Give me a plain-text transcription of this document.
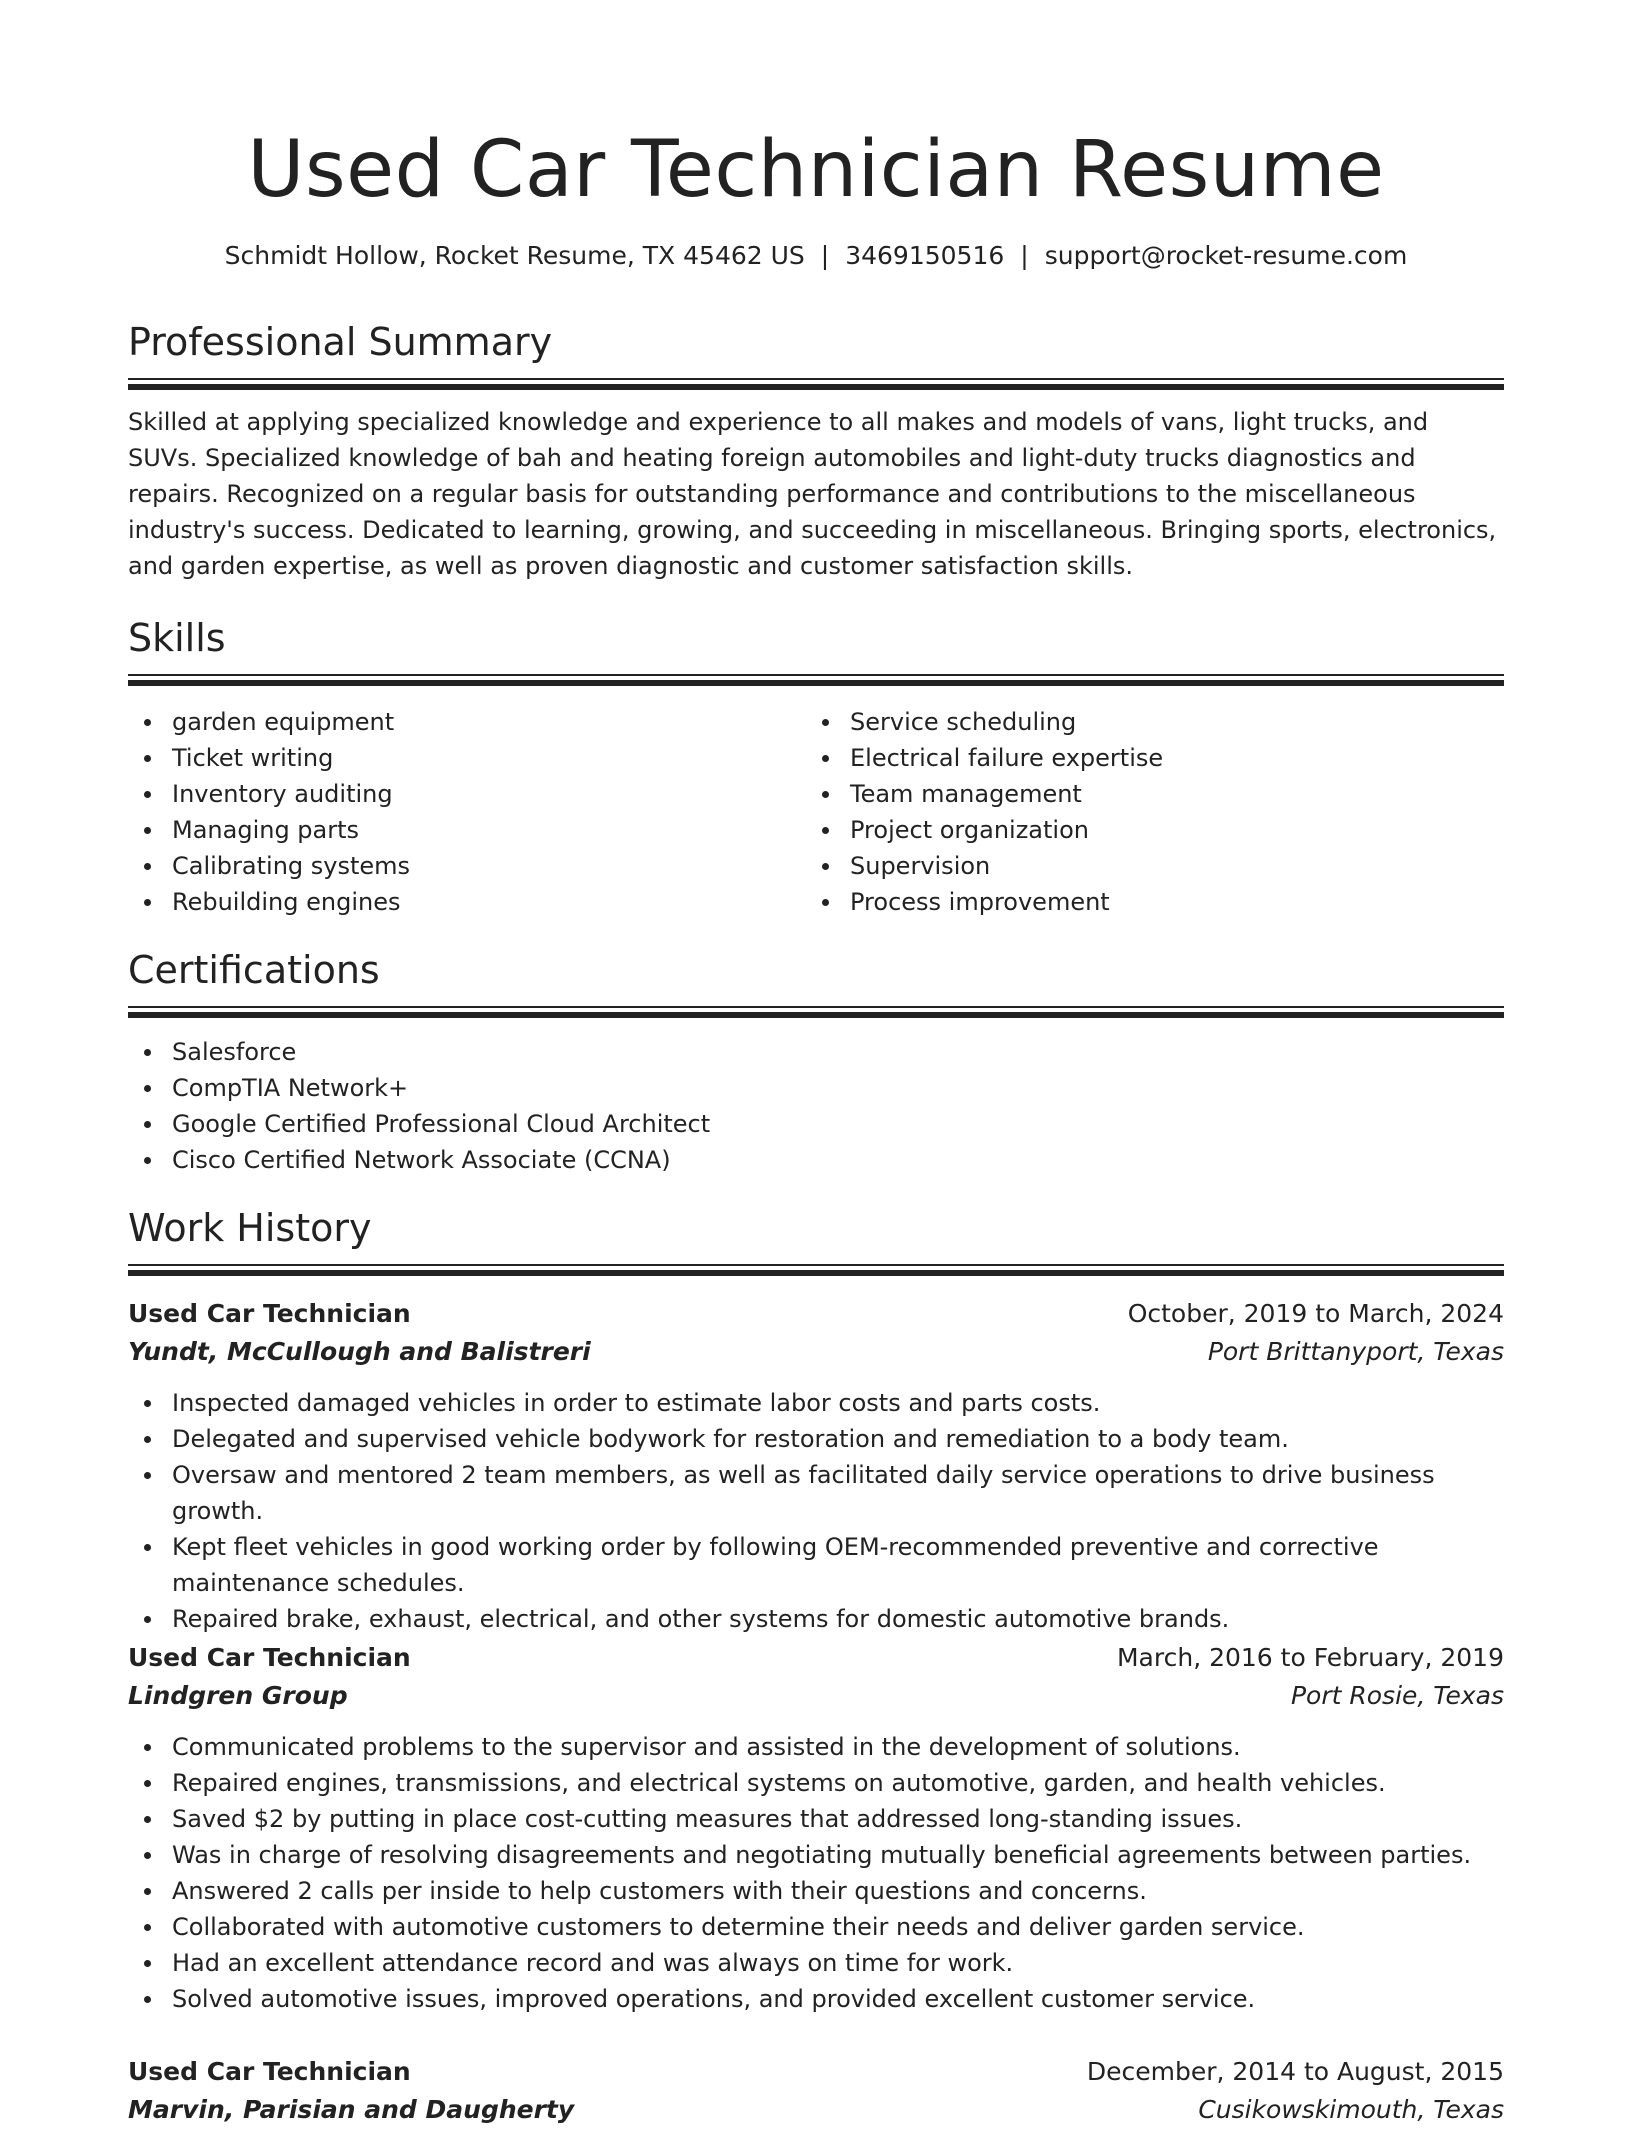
Used Car Technician Resume
Schmidt Hollow, Rocket Resume, TX 45462 US | 3469150516 | support@rocket-resume.com
Professional Summary

Skilled at applying specialized knowledge and experience to all makes and models of vans, light trucks, and SUVs. Specialized knowledge of bah and heating foreign automobiles and light-duty trucks diagnostics and repairs. Recognized on a regular basis for outstanding performance and contributions to the miscellaneous industry's success. Dedicated to learning, growing, and succeeding in miscellaneous. Bringing sports, electronics, and garden expertise, as well as proven diagnostic and customer satisfaction skills.

Skills
garden equipment
Ticket writing
Inventory auditing
Managing parts
Calibrating systems
Rebuilding engines
Service scheduling
Electrical failure expertise
Team management
Project organization
Supervision
Process improvement
Certifications
Salesforce
CompTIA Network+
Google Certified Professional Cloud Architect
Cisco Certified Network Associate (CCNA)
Work History
Used Car Technician	October, 2019 to March, 2024
Yundt, McCullough and Balistreri	Port Brittanyport, Texas
Inspected damaged vehicles in order to estimate labor costs and parts costs.
Delegated and supervised vehicle bodywork for restoration and remediation to a body team.
Oversaw and mentored 2 team members, as well as facilitated daily service operations to drive business growth.
Kept fleet vehicles in good working order by following OEM-recommended preventive and corrective maintenance schedules.
Repaired brake, exhaust, electrical, and other systems for domestic automotive brands.
Used Car Technician	March, 2016 to February, 2019
Lindgren Group	Port Rosie, Texas
Communicated problems to the supervisor and assisted in the development of solutions.
Repaired engines, transmissions, and electrical systems on automotive, garden, and health vehicles.
Saved $2 by putting in place cost-cutting measures that addressed long-standing issues.
Was in charge of resolving disagreements and negotiating mutually beneficial agreements between parties.
Answered 2 calls per inside to help customers with their questions and concerns.
Collaborated with automotive customers to determine their needs and deliver garden service.
Had an excellent attendance record and was always on time for work.
Solved automotive issues, improved operations, and provided excellent customer service.
Used Car Technician	December, 2014 to August, 2015
Marvin, Parisian and Daugherty	Cusikowskimouth, Texas
